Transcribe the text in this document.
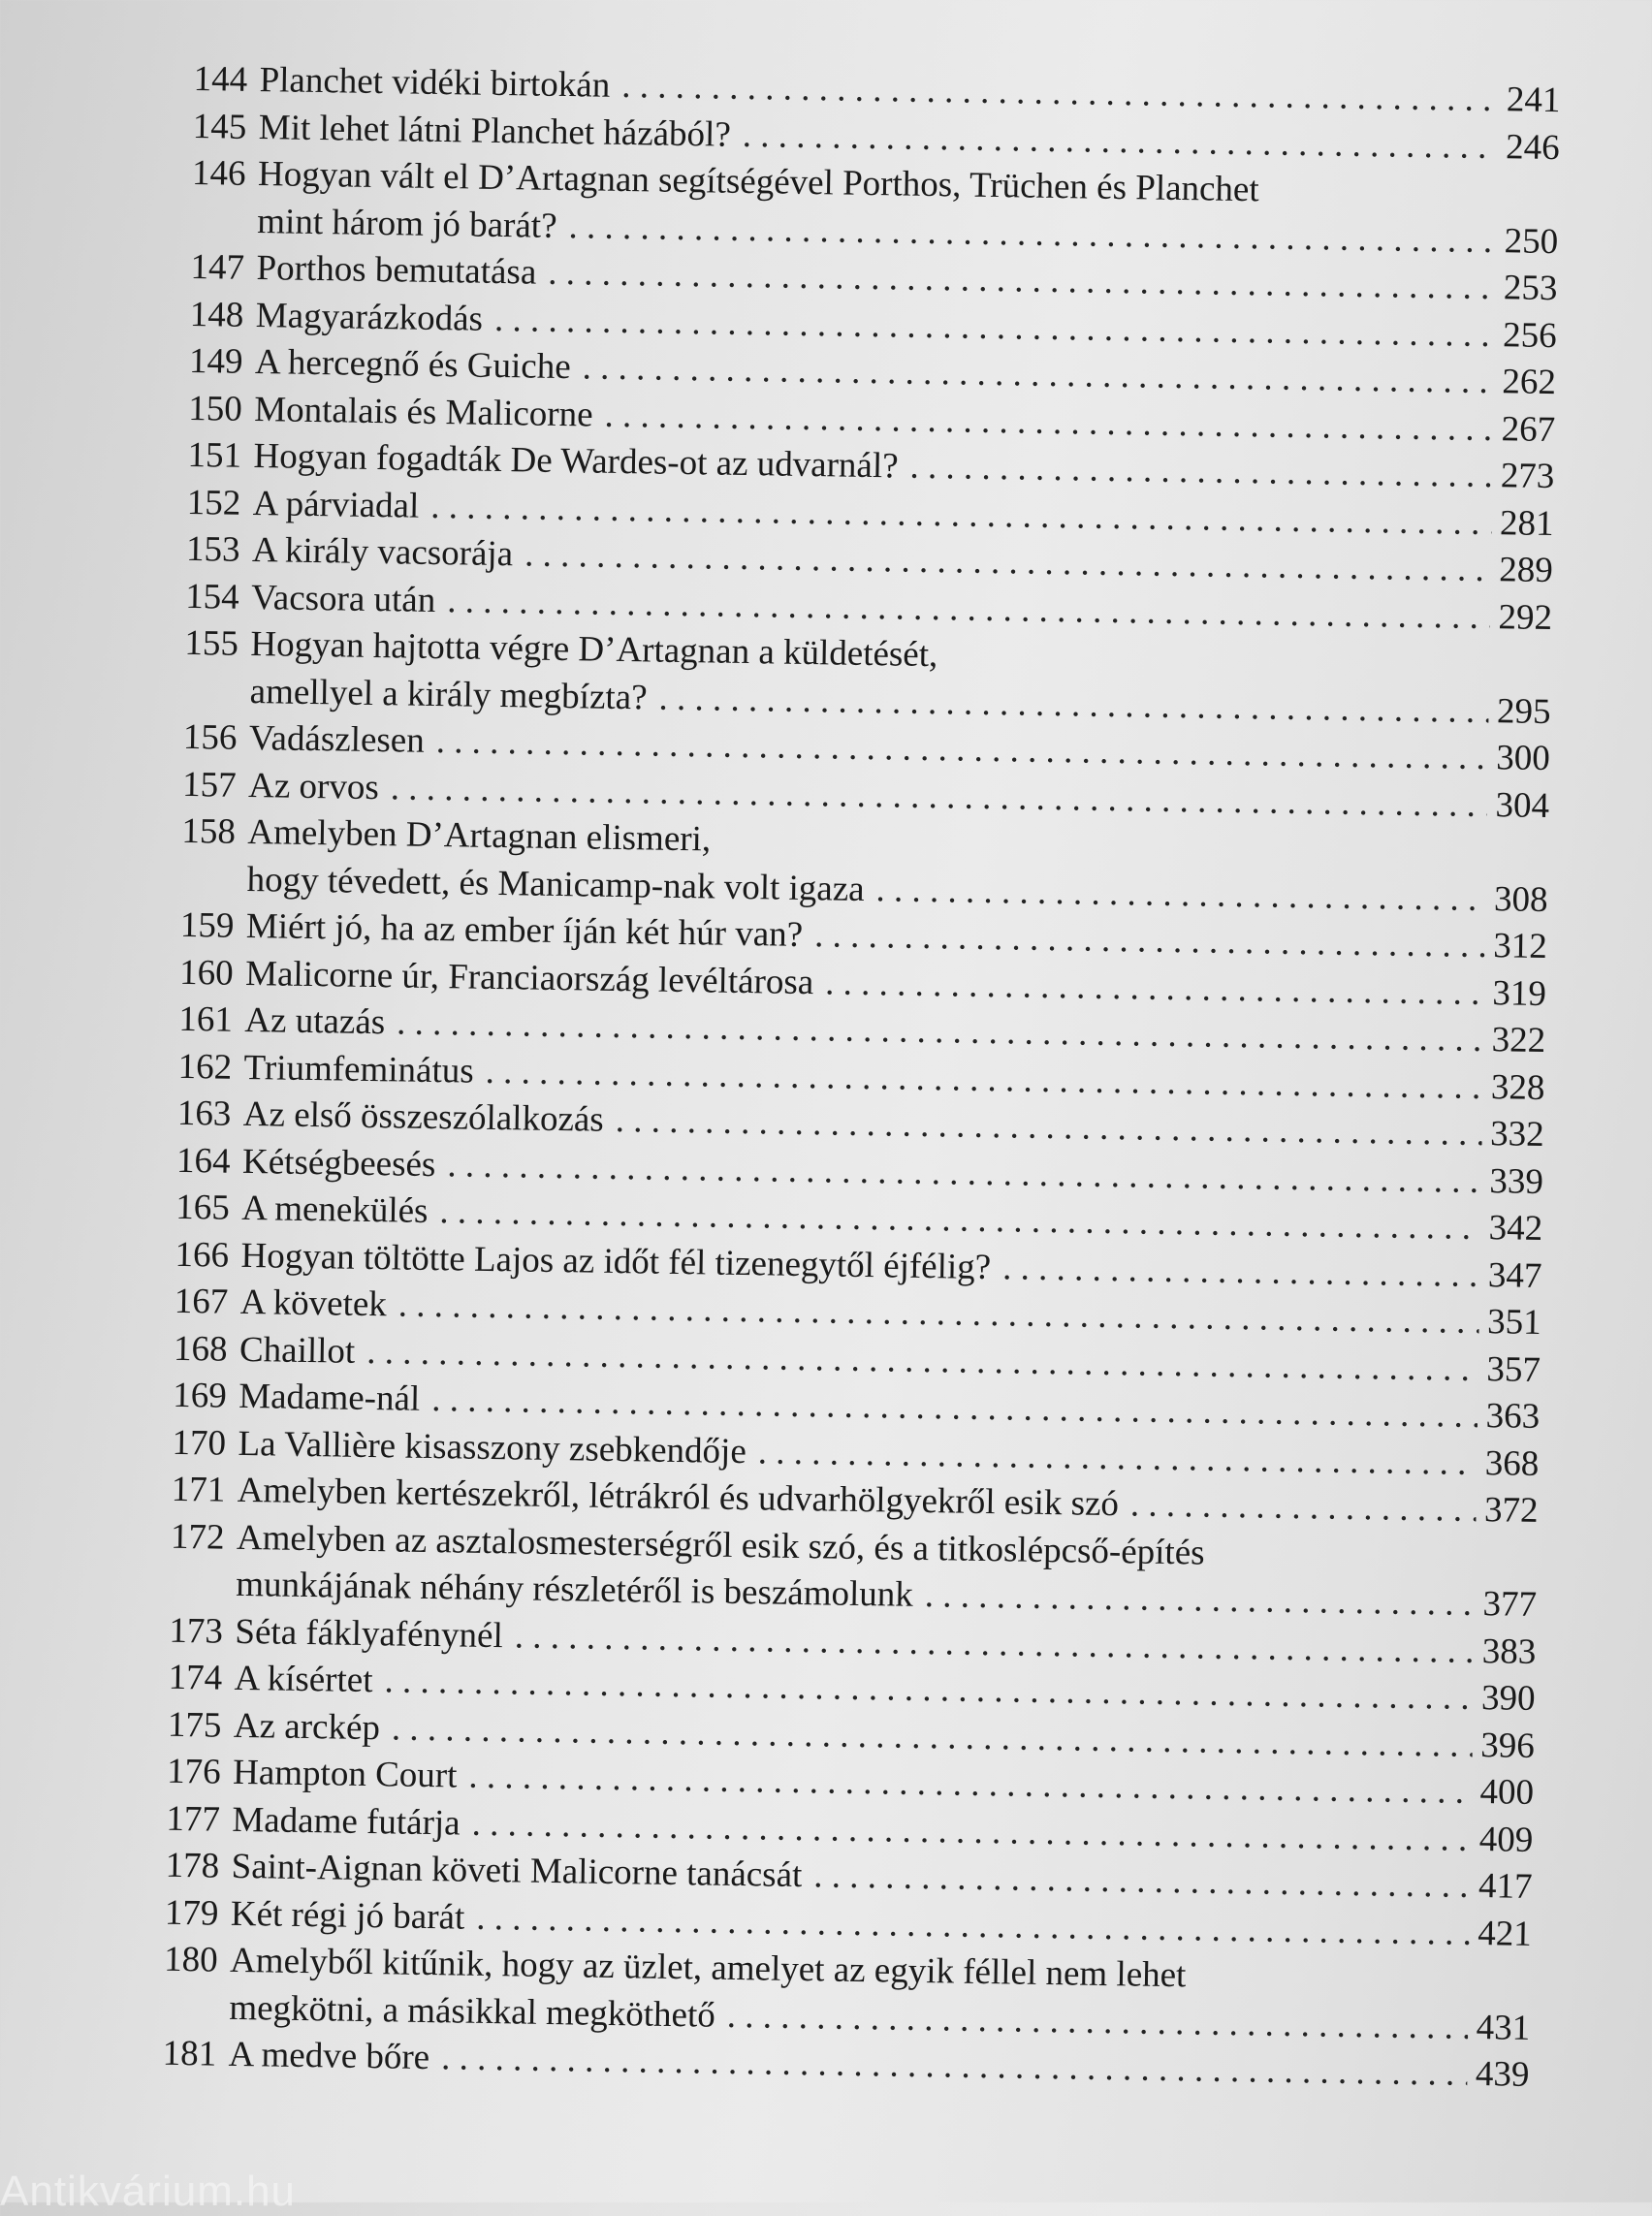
144 Planchet vidéki birtokán . . .	241
145 Mit lehet látni Planchet házából? . . .	246
146 Hogyan vált el D’Artagnan segítségével Porthos, Trüchen és Planchet
mint három jó barát? . . .	250
147 Porthos bemutatása . . .	253
148 Magyarázkodás . . .	256
149 A hercegnő és Guiche . . .	262
150 Montalais és Malicorne . . .	267
151 Hogyan fogadták De Wardes-ot az udvarnál? . . .	273
152 A párviadal . . .	281
153 A király vacsorája . . .	289
154 Vacsora után . . .	292
155 Hogyan hajtotta végre D’Artagnan a küldetését,
amellyel a király megbízta? . . .	295
156 Vadászlesen . . .	300
157 Az orvos . . .	304
158 Amelyben D’Artagnan elismeri,
hogy tévedett, és Manicamp-nak volt igaza . . .	308
159 Miért jó, ha az ember íján két húr van? . . .	312
160 Malicorne úr, Franciaország levéltárosa . . .	319
161 Az utazás . . .	322
162 Triumfeminátus . . .	328
163 Az első összeszólalkozás . . .	332
164 Kétségbeesés . . .	339
165 A menekülés . . .	342
166 Hogyan töltötte Lajos az időt fél tizenegytől éjfélig? . . .	347
167 A követek . . .	351
168 Chaillot . . .	357
169 Madame-nál . . .	363
170 La Vallière kisasszony zsebkendője . . .	368
171 Amelyben kertészekről, létrákról és udvarhölgyekről esik szó . . .	372
172 Amelyben az asztalosmesterségről esik szó, és a titkoslépcső-építés
munkájának néhány részletéről is beszámolunk . . .	377
173 Séta fáklyafénynél . . .	383
174 A kísértet . . .	390
175 Az arckép . . .	396
176 Hampton Court . . .	400
177 Madame futárja . . .	409
178 Saint-Aignan követi Malicorne tanácsát . . .	417
179 Két régi jó barát . . .	421
180 Amelyből kitűnik, hogy az üzlet, amelyet az egyik féllel nem lehet
megkötni, a másikkal megköthető . . .	431
181 A medve bőre . . .	439
Antikvárium.hu
